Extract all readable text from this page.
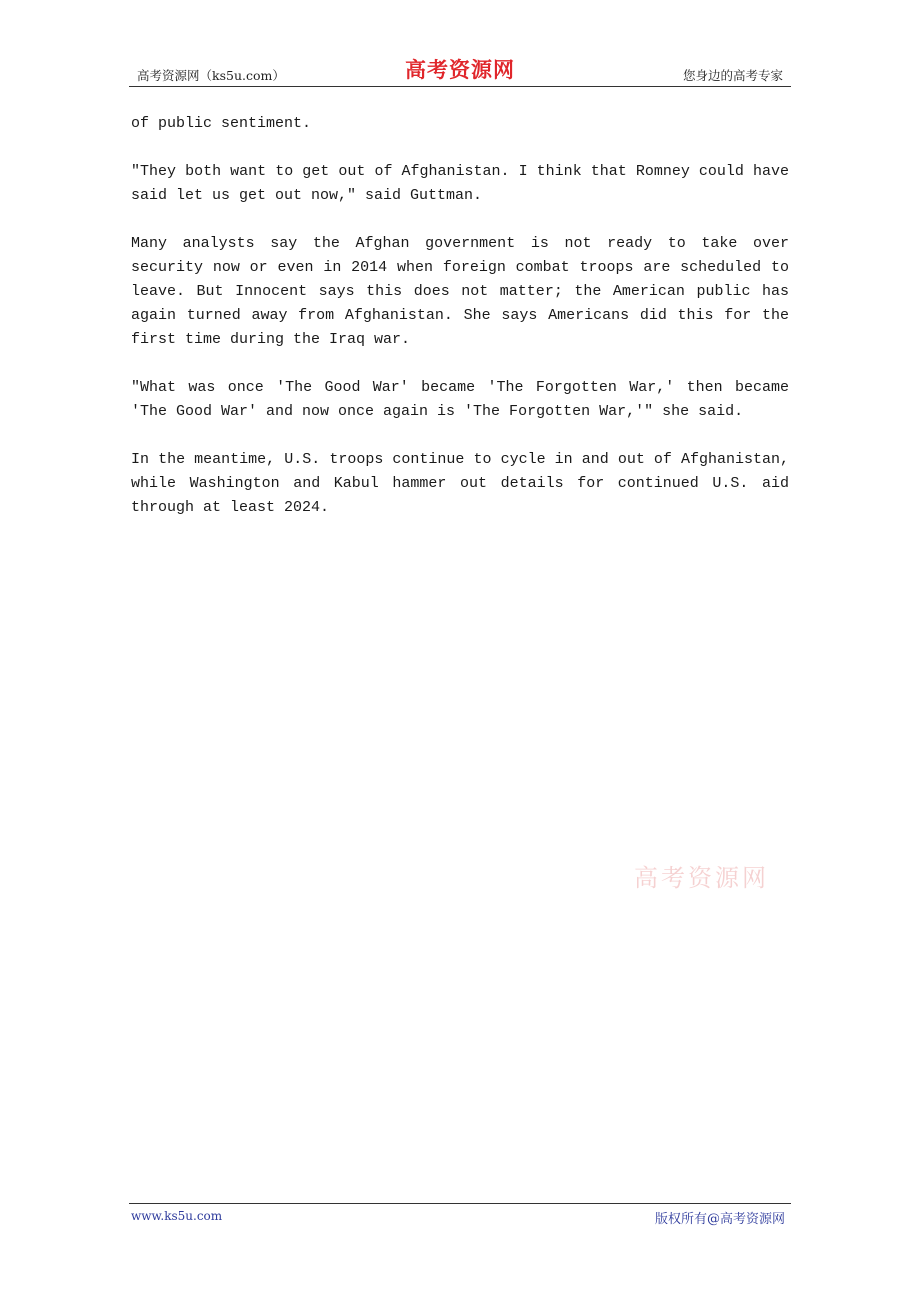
高考资源网（ks5u.com）	高考资源网	您身边的高考专家

of public sentiment.

"They both want to get out of Afghanistan. I think that Romney could have said let us get out now," said Guttman.

Many analysts say the Afghan government is not ready to take over security now or even in 2014 when foreign combat troops are scheduled to leave. But Innocent says this does not matter; the American public has again turned away from Afghanistan. She says Americans did this for the first time during the Iraq war.

"What was once 'The Good War' became 'The Forgotten War,' then became 'The Good War' and now once again is 'The Forgotten War,'" she said.

In the meantime, U.S. troops continue to cycle in and out of Afghanistan, while Washington and Kabul hammer out details for continued U.S. aid through at least 2024.

高考资源网
www.ks5u.com	版权所有@高考资源网
